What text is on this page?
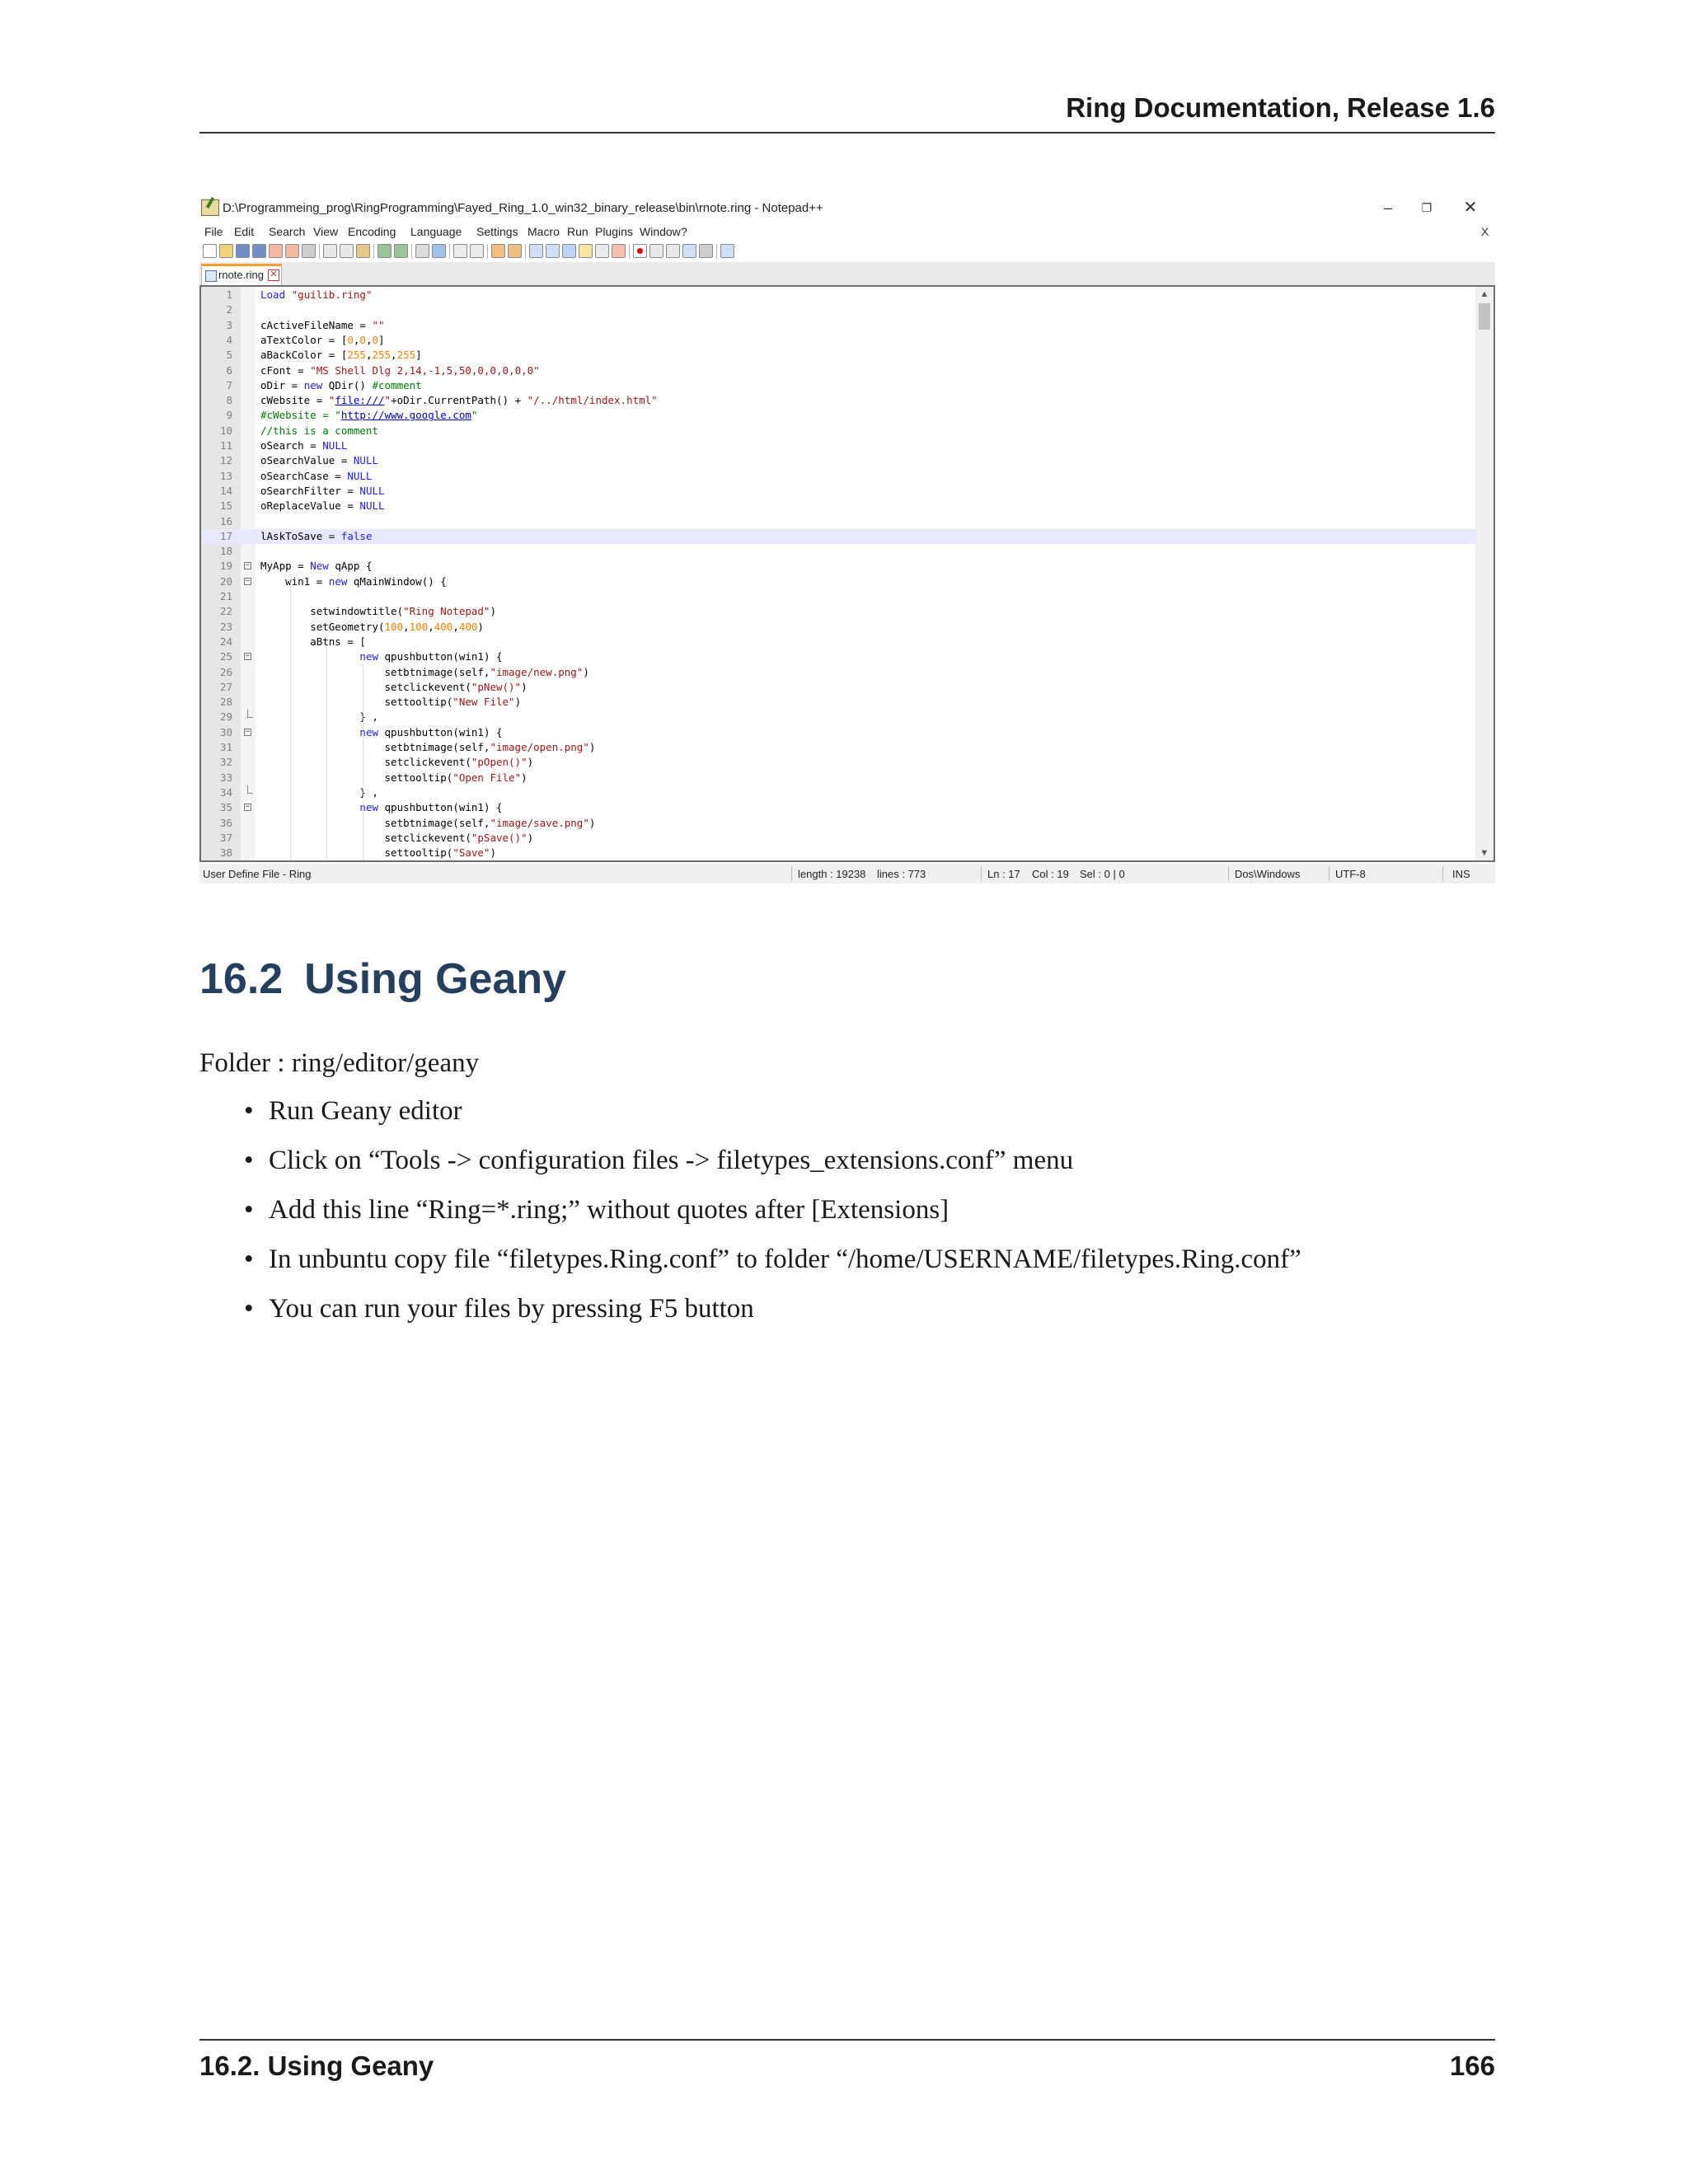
Ring Documentation, Release 1.6
D:\Programmeing_prog\RingProgramming\Fayed_Ring_1.0_win32_binary_release\bin\rnote.ring - Notepad++	–	❐	✕
X
File Edit Search View Encoding Language Settings Macro Run Plugins Window ?
rnote.ring ✕
▲
▼
1	Load "guilib.ring"
2
3	cActiveFileName = ""
4	aTextColor = [0,0,0]
5	aBackColor = [255,255,255]
6	cFont = "MS Shell Dlg 2,14,-1,5,50,0,0,0,0,0"
7	oDir = new QDir() #comment
8	cWebsite = "file:///"+oDir.CurrentPath() + "/../html/index.html"
9	#cWebsite = "http://www.google.com"
10	//this is a comment
11	oSearch = NULL
12	oSearchValue = NULL
13	oSearchCase = NULL
14	oSearchFilter = NULL
15	oReplaceValue = NULL
16
17	lAskToSave = false
18
19 − MyApp = New qApp {
20 − win1 = new qMainWindow() {
21
22	setwindowtitle("Ring Notepad")
23	setGeometry(100,100,400,400)
24	aBtns = [
25 −	new qpushbutton(win1) {
26	setbtnimage(self,"image/new.png")
27	setclickevent("pNew()")
28	settooltip("New File")
29	} ,
30 −	new qpushbutton(win1) {
31	setbtnimage(self,"image/open.png")
32	setclickevent("pOpen()")
33	settooltip("Open File")
34	} ,
35 −	new qpushbutton(win1) {
36	setbtnimage(self,"image/save.png")
37	setclickevent("pSave()")
38	settooltip("Save")
User Define File - Ring	length : 19238 lines : 773	Ln : 17 Col : 19 Sel : 0 | 0	Dos\Windows	UTF-8	INS
16.2 Using Geany
Folder : ring/editor/geany
• Run Geany editor
• Click on “Tools -> configuration files -> filetypes_extensions.conf” menu
• Add this line “Ring=*.ring;” without quotes after [Extensions]
• In unbuntu copy file “filetypes.Ring.conf” to folder “/home/USERNAME/filetypes.Ring.conf”
• You can run your files by pressing F5 button
16.2. Using Geany	166
